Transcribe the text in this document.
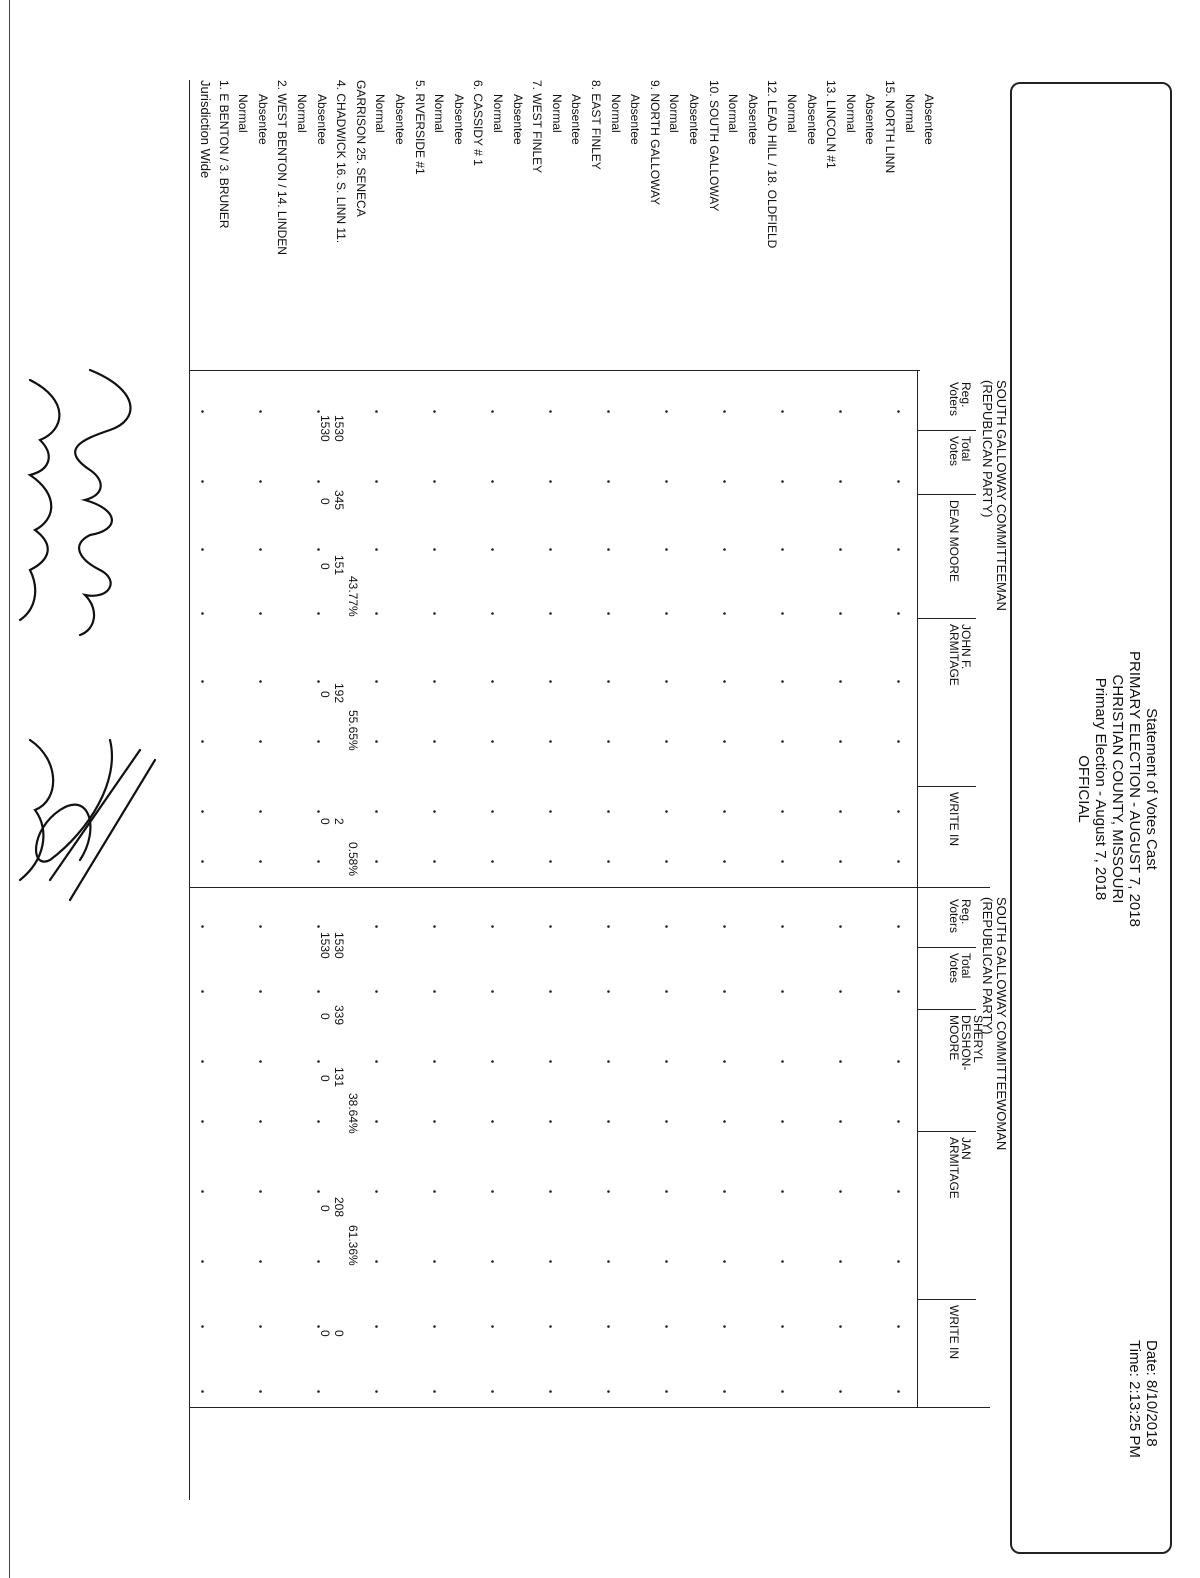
Statement of Votes Cast
PRIMARY ELECTION - AUGUST 7, 2018
CHRISTIAN COUNTY, MISSOURI
Primary Election - August 7, 2018
OFFICIAL
Date: 8/10/2018
Time: 2:13:25 PM
Jurisdiction Wide 1. E BENTON / 3. BRUNER Normal Absentee 2. WEST BENTON / 14. LINDEN Normal Absentee 4. CHADWICK 16. S. LINN 11. GARRISON 25. SENECA Normal Absentee 5. RIVERSIDE #1 Normal Absentee 6. CASSIDY # 1 Normal Absentee 7. WEST FINLEY Normal Absentee 8. EAST FINLEY Normal Absentee 9. NORTH GALLOWAY Normal Absentee 10. SOUTH GALLOWAY Normal Absentee 12. LEAD HILL / 18. OLDFIELD Normal Absentee 13. LINCOLN #1 Normal Absentee 15. NORTH LINN Normal Absentee
SOUTH GALLOWAY COMMITTEEMAN
(REPUBLICAN PARTY)
Reg.
Voters
Total
Votes
DEAN MOORE
JOHN F.
ARMITAGE
WRITE IN
SOUTH GALLOWAY COMMITTEEWOMAN
(REPUBLICAN PARTY)
Reg.
Voters
Total
Votes
SHERYL
DESHON-
MOORE
JAN
ARMITAGE
WRITE IN
1530
1530
345
0
151
0
43.77%
192
0
55.65%
2
0
0.58%
1530
1530
339
0
131
0
38.64%
208
0
61.36%
0
0
